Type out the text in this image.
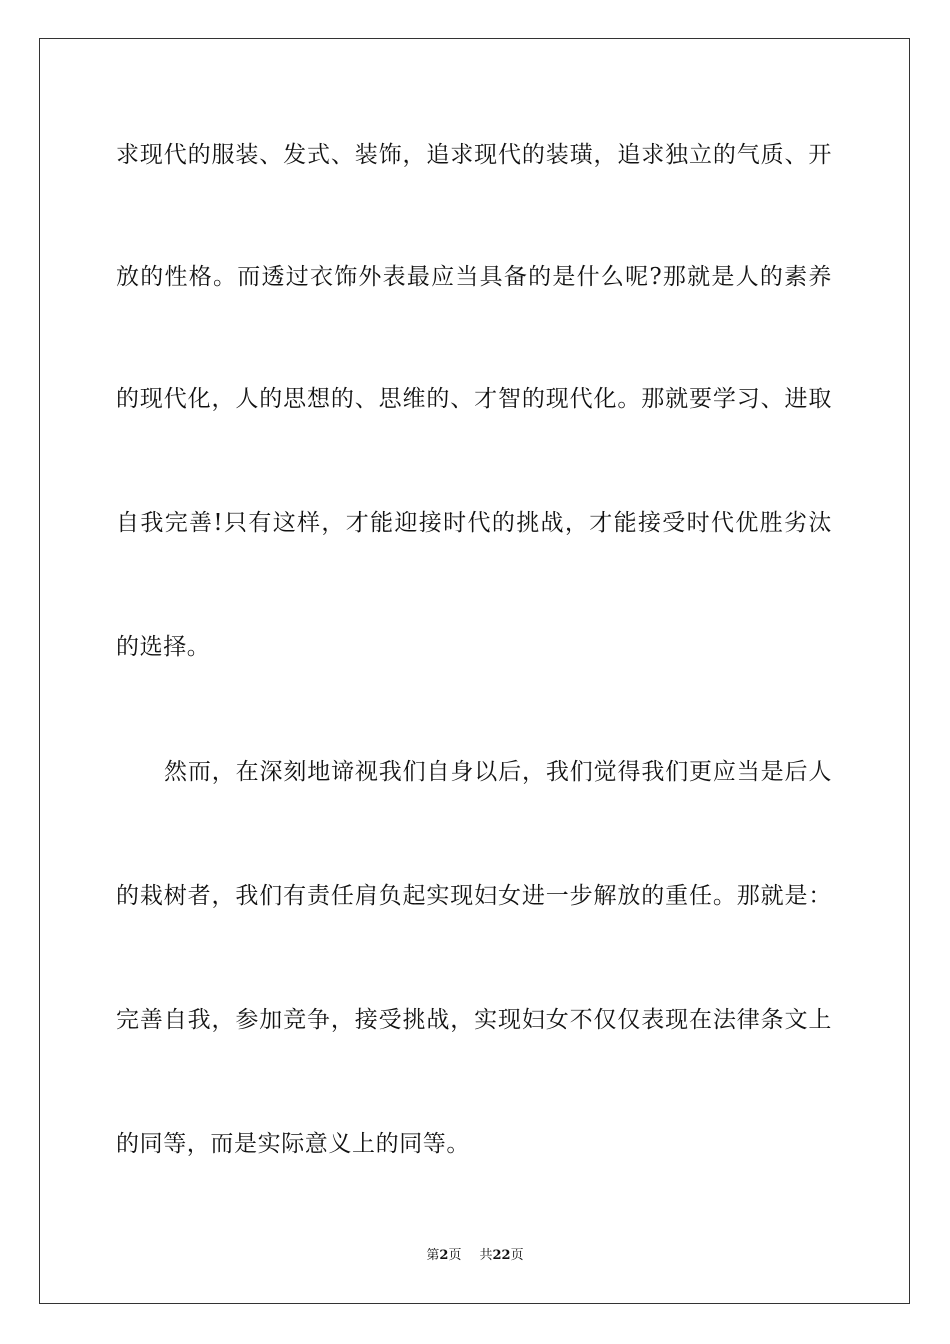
求现代的服装、发式、装饰，追求现代的装璜，追求独立的气质、开
放的性格。而透过衣饰外表最应当具备的是什么呢?那就是人的素养
的现代化，人的思想的、思维的、才智的现代化。那就要学习、进取
自我完善!只有这样，才能迎接时代的挑战，才能接受时代优胜劣汰
的选择。
然而，在深刻地谛视我们自身以后，我们觉得我们更应当是后人
的栽树者，我们有责任肩负起实现妇女进一步解放的重任。那就是：
完善自我，参加竞争，接受挑战，实现妇女不仅仅表现在法律条文上
的同等，而是实际意义上的同等。
第2页 共22页
